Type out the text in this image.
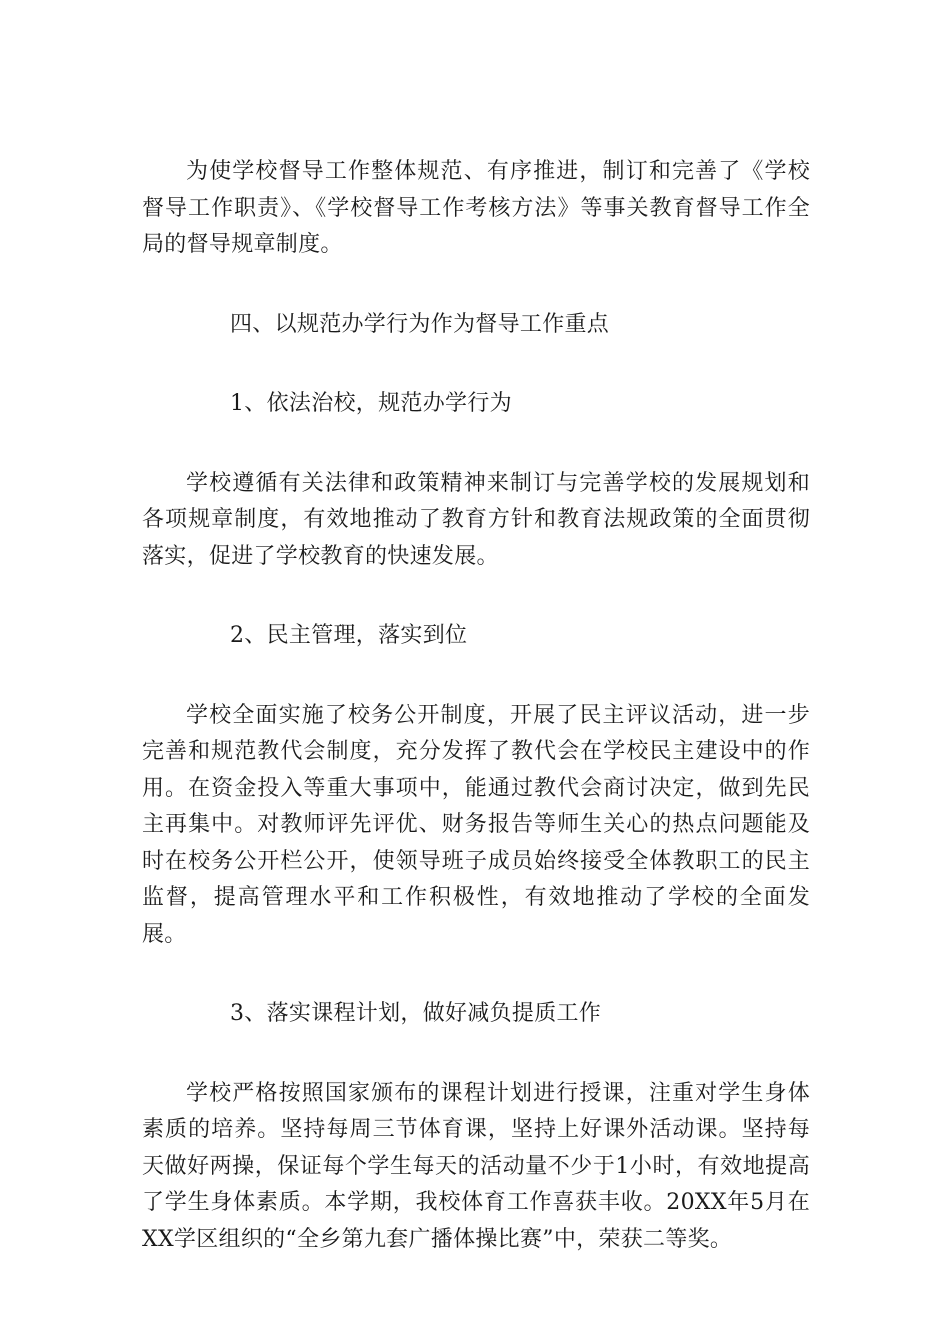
为使学校督导工作整体规范、有序推进，制订和完善了《学校督导工作职责》、《学校督导工作考核方法》等事关教育督导工作全局的督导规章制度。

四、以规范办学行为作为督导工作重点

1、依法治校，规范办学行为

学校遵循有关法律和政策精神来制订与完善学校的发展规划和各项规章制度，有效地推动了教育方针和教育法规政策的全面贯彻落实，促进了学校教育的快速发展。

2、民主管理，落实到位

学校全面实施了校务公开制度，开展了民主评议活动，进一步完善和规范教代会制度，充分发挥了教代会在学校民主建设中的作用。在资金投入等重大事项中，能通过教代会商讨决定，做到先民主再集中。对教师评先评优、财务报告等师生关心的热点问题能及时在校务公开栏公开，使领导班子成员始终接受全体教职工的民主监督，提高管理水平和工作积极性，有效地推动了学校的全面发展。

3、落实课程计划，做好减负提质工作

学校严格按照国家颁布的课程计划进行授课，注重对学生身体素质的培养。坚持每周三节体育课，坚持上好课外活动课。坚持每天做好两操，保证每个学生每天的活动量不少于1小时，有效地提高了学生身体素质。本学期，我校体育工作喜获丰收。20XX年5月在XX学区组织的“全乡第九套广播体操比赛”中，荣获二等奖。
